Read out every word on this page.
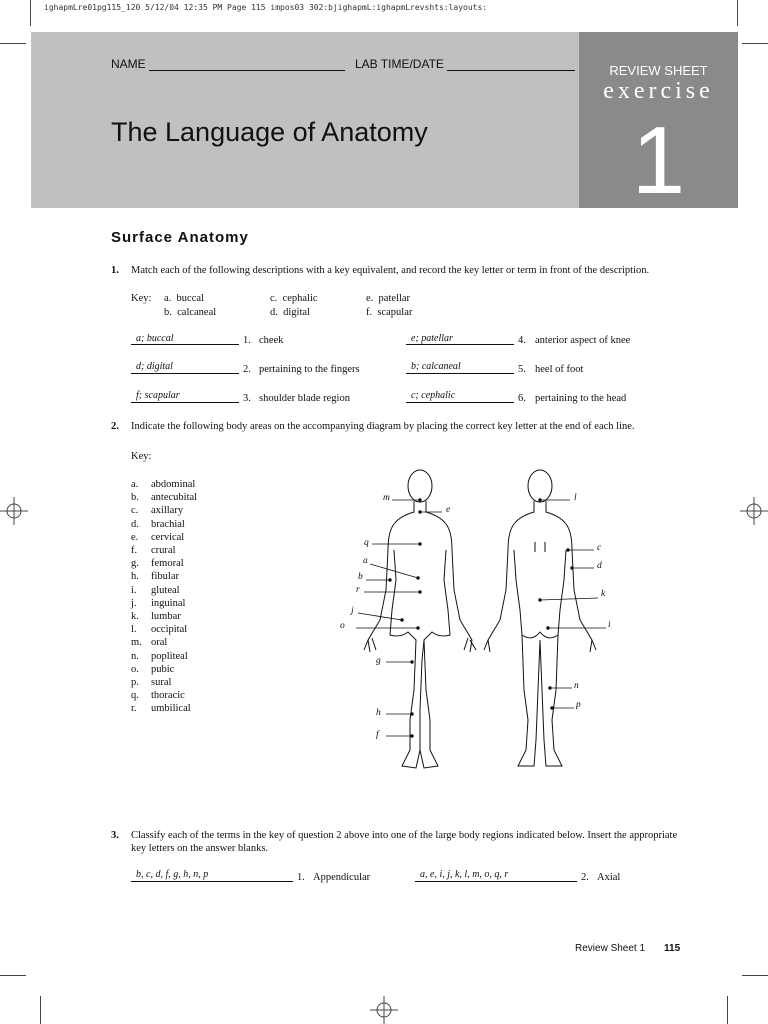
ighapmLre01pg115_120 5/12/04 12:35 PM Page 115 impos03 302:bjighapmL:ighapmLrevshts:layouts:
NAME	LAB TIME/DATE
The Language of Anatomy
REVIEW SHEET
exercise
1
Surface Anatomy
1. Match each of the following descriptions with a key equivalent, and record the key letter or term in front of the description.
Key: a. buccal
b. calcaneal
c. cephalic
d. digital
e. patellar
f. scapular
a; buccal	1. cheek
d; digital	2. pertaining to the fingers
f; scapular	3. shoulder blade region
e; patellar	4. anterior aspect of knee
b; calcaneal	5. heel of foot
c; cephalic	6. pertaining to the head
2. Indicate the following body areas on the accompanying diagram by placing the correct key letter at the end of each line.
Key:
a. abdominal
b. antecubital
c. axillary
d. brachial
e. cervical
f. crural
g. femoral
h. fibular
i. gluteal
j. inguinal
k. lumbar
l. occipital
m. oral
n. popliteal
o. pubic
p. sural
q. thoracic
r. umbilical
m
e
q
a
b
r
j
o
g
h
f
l
c
d
k
i
n
p
3. Classify each of the terms in the key of question 2 above into one of the large body regions indicated below. Insert the appropriate key letters on the answer blanks.
b, c, d, f, g, h, n, p	1. Appendicular	a, e, i, j, k, l, m, o, q, r	2. Axial
Review Sheet 1 115
